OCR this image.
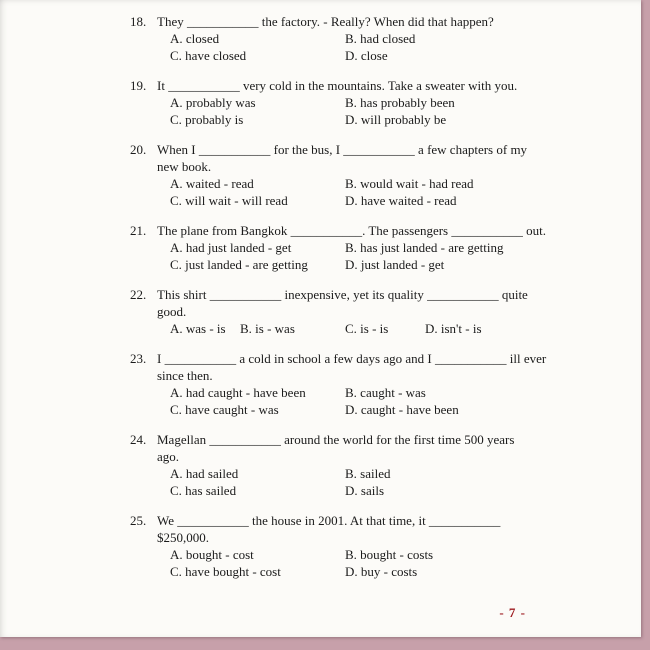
18. They ___________ the factory. - Really? When did that happen?
A. closed	B. had closed
C. have closed	D. close
19. It ___________ very cold in the mountains. Take a sweater with you.
A. probably was	B. has probably been
C. probably is	D. will probably be
20. When I ___________ for the bus, I ___________ a few chapters of my
new book.
A. waited - read	B. would wait - had read
C. will wait - will read	D. have waited - read
21. The plane from Bangkok ___________. The passengers ___________ out.
A. had just landed - get	B. has just landed - are getting
C. just landed - are getting	D. just landed - get
22. This shirt ___________ inexpensive, yet its quality ___________ quite
good.
A. was - is	B. is - was	C. is - is	D. isn't - is
23. I ___________ a cold in school a few days ago and I ___________ ill ever
since then.
A. had caught - have been	B. caught - was
C. have caught - was	D. caught - have been
24. Magellan ___________ around the world for the first time 500 years
ago.
A. had sailed	B. sailed
C. has sailed	D. sails
25. We ___________ the house in 2001. At that time, it ___________
$250,000.
A. bought - cost	B. bought - costs
C. have bought - cost	D. buy - costs
- 7 -
